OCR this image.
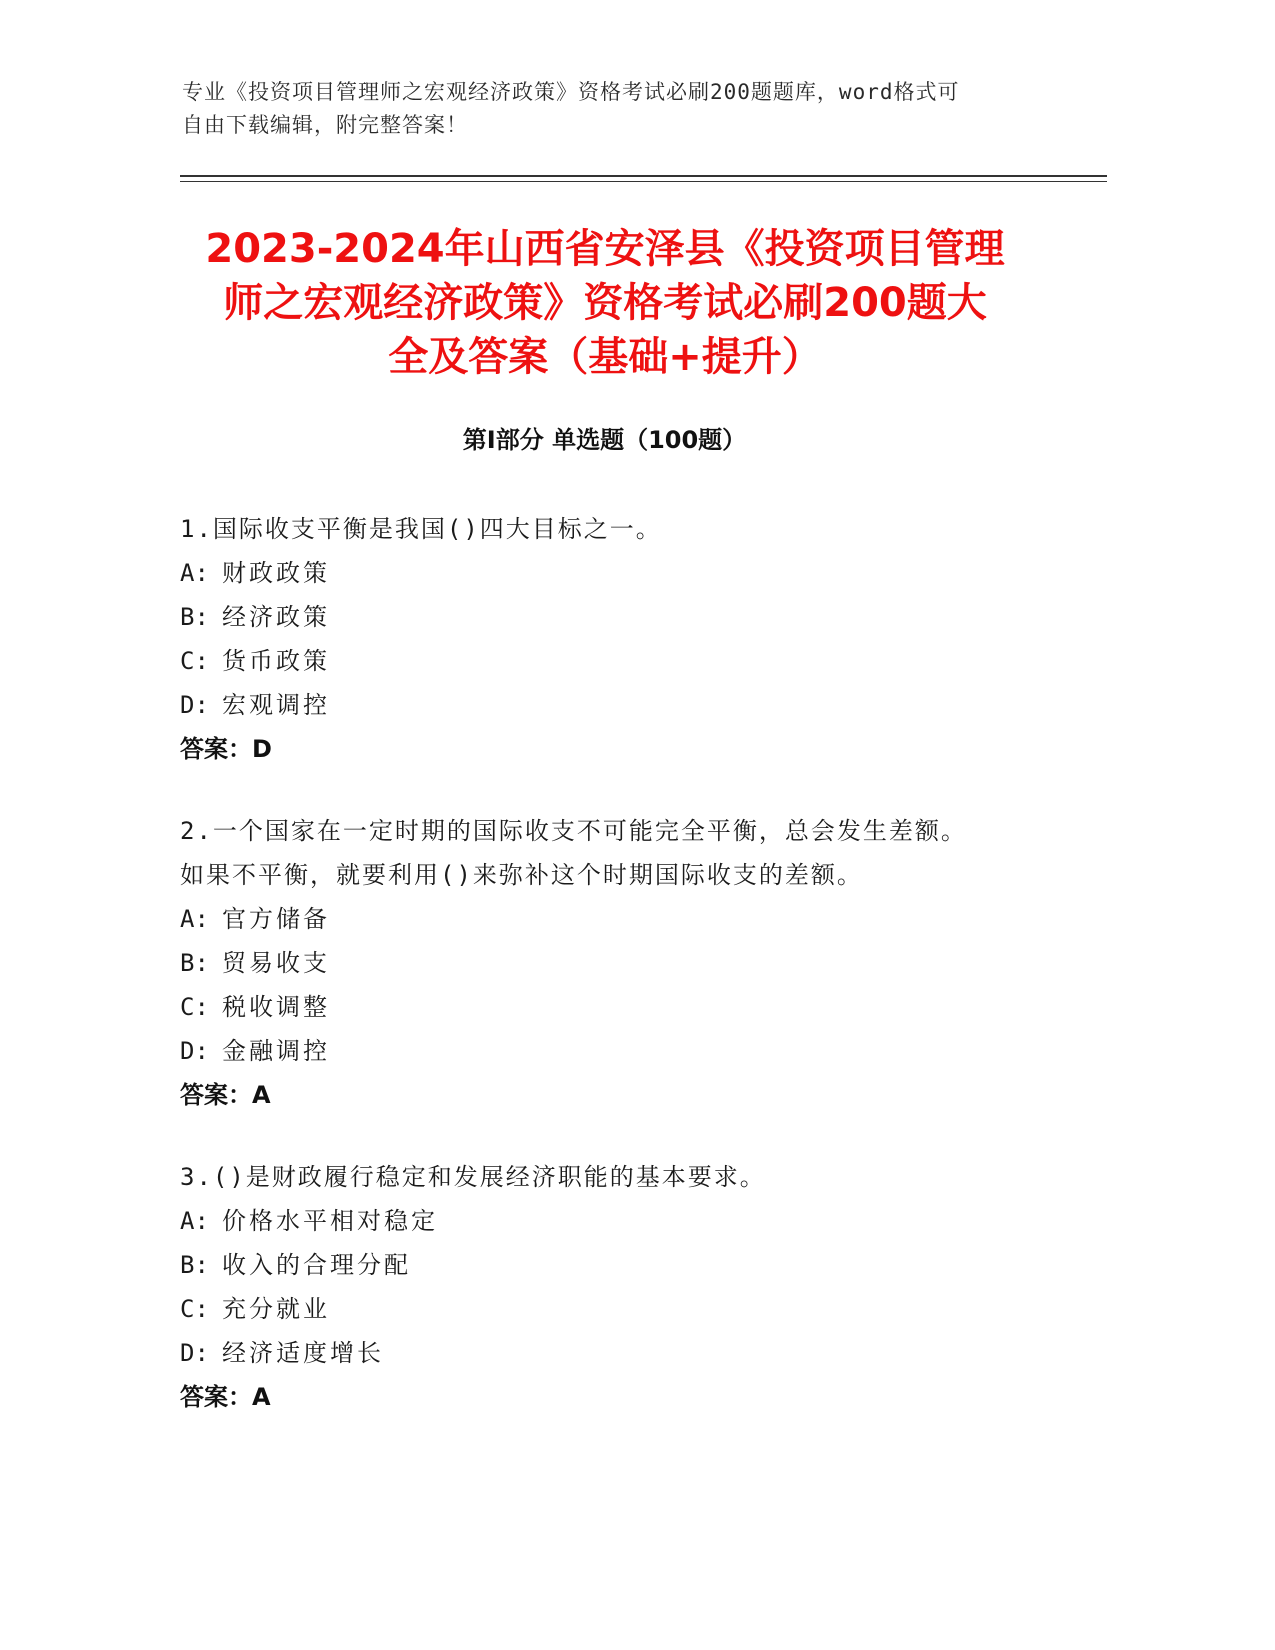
专业《投资项目管理师之宏观经济政策》资格考试必刷200题题库，word格式可
自由下载编辑，附完整答案！
2023-2024年山西省安泽县《投资项目管理
师之宏观经济政策》资格考试必刷200题大
全及答案（基础+提升）
第I部分 单选题（100题）

1.国际收支平衡是我国()四大目标之一。

A: 财政政策

B: 经济政策

C: 货币政策

D: 宏观调控

答案：D

2.一个国家在一定时期的国际收支不可能完全平衡，总会发生差额。

如果不平衡，就要利用()来弥补这个时期国际收支的差额。

A: 官方储备

B: 贸易收支

C: 税收调整

D: 金融调控

答案：A

3.()是财政履行稳定和发展经济职能的基本要求。

A: 价格水平相对稳定

B: 收入的合理分配

C: 充分就业

D: 经济适度增长

答案：A
